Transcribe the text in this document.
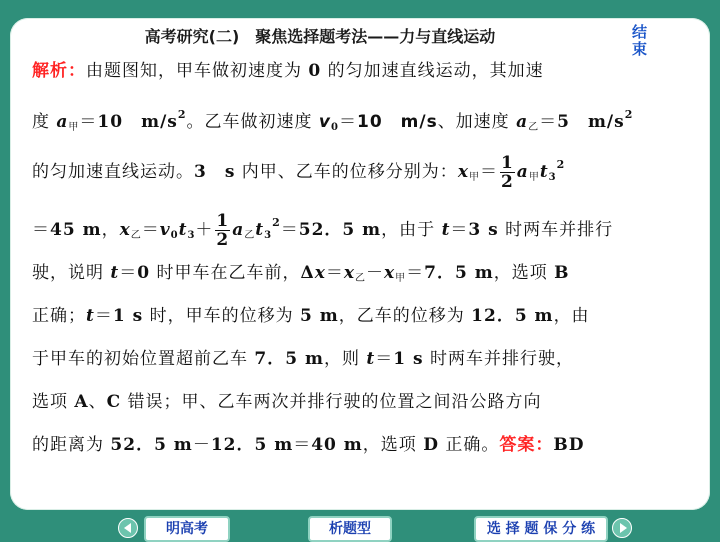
高考研究(二)　聚焦选择题考法——力与直线运动	结束
解析：由题图知，甲车做初速度为 0 的匀加速直线运动，其加速
度 $a_甲=10$　$m/s^2$。乙车做初速度 $v_0=10$　m/s、加速度 $a_乙=5$　$m/s^2$
的匀加速直线运动。3　s 内甲、乙车的位移分别为：$x_甲= \frac{1}{2} a_甲t_3^2$
＝45 m，$x_乙=v_0t_3+ \frac{1}{2} a_乙t_3^2=52$．5 m，由于 t＝3 s 时两车并排行
驶，说明 t＝0 时甲车在乙车前，$\Delta x=x_乙-x_甲=7$．5 m，选项 B
正确；t＝1 s 时，甲车的位移为 5 m，乙车的位移为 12．5 m，由
于甲车的初始位置超前乙车 7．5 m，则 t＝1 s 时两车并排行驶，
选项 A、C 错误；甲、乙车两次并排行驶的位置之间沿公路方向
的距离为 52．5 m－12．5 m＝40 m，选项 D 正确。答案：BD
明高考	析题型	选 择 题 保 分 练
